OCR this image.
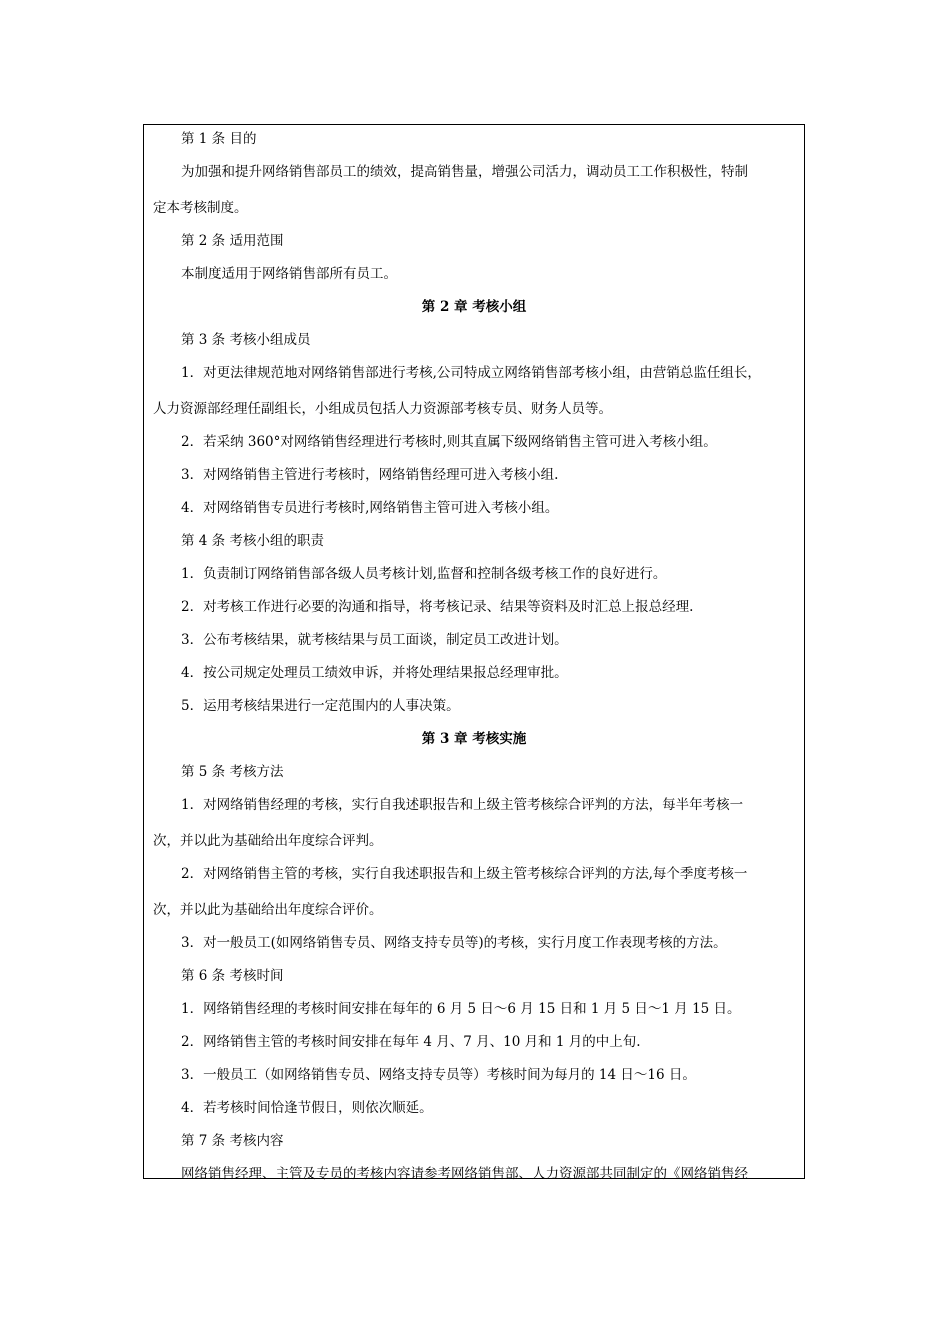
第 1 条 目的
为加强和提升网络销售部员工的绩效，提高销售量，增强公司活力，调动员工工作积极性，特制
定本考核制度。
第 2 条 适用范围
本制度适用于网络销售部所有员工。
第 2 章 考核小组
第 3 条 考核小组成员
1．对更法律规范地对网络销售部进行考核,公司特成立网络销售部考核小组，由营销总监任组长，
人力资源部经理任副组长，小组成员包括人力资源部考核专员、财务人员等。
2．若采纳 360°对网络销售经理进行考核时,则其直属下级网络销售主管可进入考核小组。
3．对网络销售主管进行考核时，网络销售经理可进入考核小组.
4．对网络销售专员进行考核时,网络销售主管可进入考核小组。
第 4 条 考核小组的职责
1．负责制订网络销售部各级人员考核计划,监督和控制各级考核工作的良好进行。
2．对考核工作进行必要的沟通和指导，将考核记录、结果等资料及时汇总上报总经理.
3．公布考核结果，就考核结果与员工面谈，制定员工改进计划。
4．按公司规定处理员工绩效申诉，并将处理结果报总经理审批。
5．运用考核结果进行一定范围内的人事决策。
第 3 章 考核实施
第 5 条 考核方法
1．对网络销售经理的考核，实行自我述职报告和上级主管考核综合评判的方法，每半年考核一
次，并以此为基础给出年度综合评判。
2．对网络销售主管的考核，实行自我述职报告和上级主管考核综合评判的方法,每个季度考核一
次，并以此为基础给出年度综合评价。
3．对一般员工(如网络销售专员、网络支持专员等)的考核，实行月度工作表现考核的方法。
第 6 条 考核时间
1．网络销售经理的考核时间安排在每年的 6 月 5 日～6 月 15 日和 1 月 5 日～1 月 15 日。
2．网络销售主管的考核时间安排在每年 4 月、7 月、10 月和 1 月的中上旬.
3．一般员工（如网络销售专员、网络支持专员等）考核时间为每月的 14 日～16 日。
4．若考核时间恰逢节假日，则依次顺延。
第 7 条 考核内容
网络销售经理、主管及专员的考核内容请参考网络销售部、人力资源部共同制定的《网络销售经
